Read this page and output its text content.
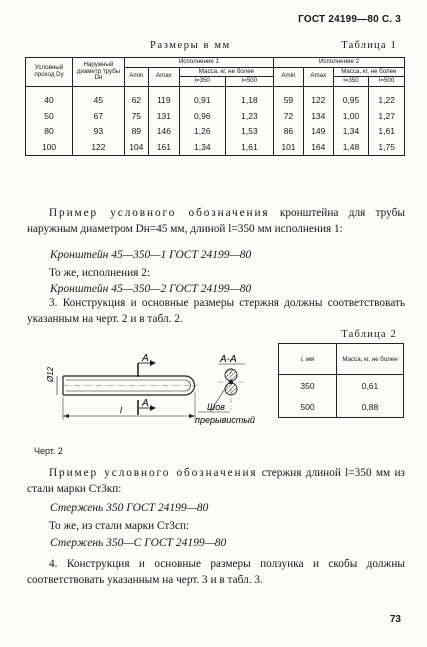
ГОСТ 24199—80 С. 3
Размеры в мм	Таблица 1
Условный проход Dу	Наружный диаметр трубы Dн	Исполнение 1				Исполнение 2			
		Amin	Amax	Масса, кг, не более		Amin	Amax	Масса, кг, не более	
				l=350	l=500			l=350	l=500

40	45	62	119	0,91	1,18	59	122	0,95	1,22
50	67	75	131	0,96	1,23	72	134	1,00	1,27
80	93	89	146	1,26	1,53	86	149	1,34	1,61
100	122	104	161	1,34	1,61	101	164	1,48	1,75
Пример условного обозначения кронштейна для трубы наружным диаметром Dн=45 мм, длиной l=350 мм исполнения 1:
Кронштейн 45—350—1 ГОСТ 24199—80
То же, исполнения 2:
Кронштейн 45—350—2 ГОСТ 24199—80
3. Конструкция и основные размеры стержня должны соответствовать указанным на черт. 2 и в табл. 2.
Таблица 2
l, мм	Масса, кг, не более
350	0,61
500	0,88
A
A
Ø12
l
A-A
Шов
прерывистый
Черт. 2
Пример условного обозначения стержня длиной l=350 мм из стали марки Ст3кп:
Стержень 350 ГОСТ 24199—80
То же, из стали марки Ст3сп:
Стержень 350—С ГОСТ 24199—80
4. Конструкция и основные размеры ползунка и скобы должны соответствовать указанным на черт. 3 и в табл. 3.
73
